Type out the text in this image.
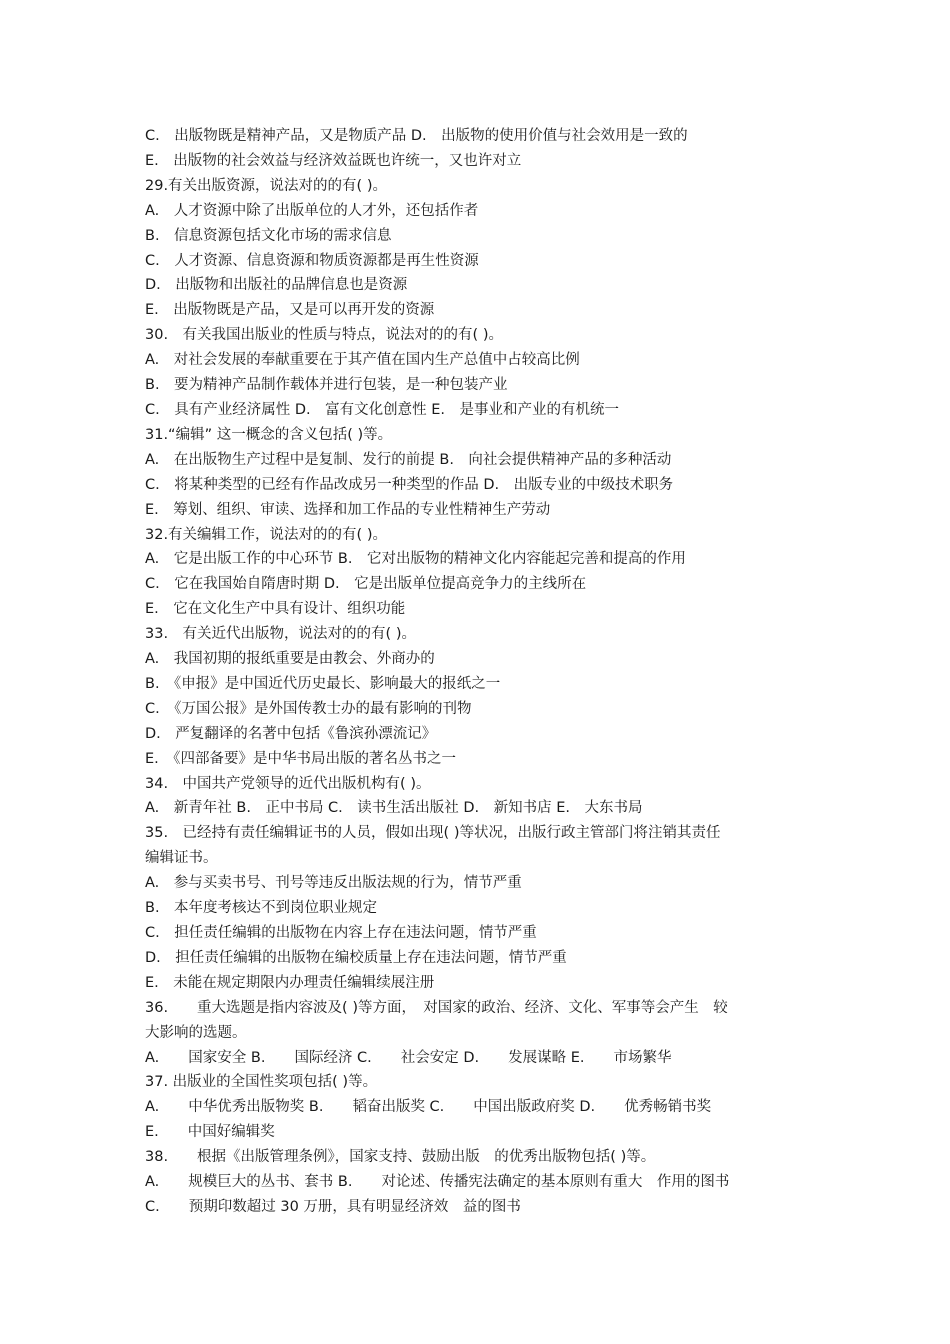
C.　出版物既是精神产品，又是物质产品 D.　出版物的使用价值与社会效用是一致的
E.　出版物的社会效益与经济效益既也许统一，又也许对立
29.有关出版资源，说法对的的有( )。
A.　人才资源中除了出版单位的人才外，还包括作者
B.　信息资源包括文化市场的需求信息
C.　人才资源、信息资源和物质资源都是再生性资源
D.　出版物和出版社的品牌信息也是资源
E.　出版物既是产品，又是可以再开发的资源
30.　有关我国出版业的性质与特点，说法对的的有( )。
A.　对社会发展的奉献重要在于其产值在国内生产总值中占较高比例
B.　要为精神产品制作载体并进行包装，是一种包装产业
C.　具有产业经济属性 D.　富有文化创意性 E.　是事业和产业的有机统一
31.“编辑” 这一概念的含义包括( )等。
A.　在出版物生产过程中是复制、发行的前提 B.　向社会提供精神产品的多种活动
C.　将某种类型的已经有作品改成另一种类型的作品 D.　出版专业的中级技术职务
E.　筹划、组织、审读、选择和加工作品的专业性精神生产劳动
32.有关编辑工作，说法对的的有( )。
A.　它是出版工作的中心环节 B.　它对出版物的精神文化内容能起完善和提高的作用
C.　它在我国始自隋唐时期 D.　它是出版单位提高竞争力的主线所在
E.　它在文化生产中具有设计、组织功能
33.　有关近代出版物，说法对的的有( )。
A.　我国初期的报纸重要是由教会、外商办的
B.　《申报》是中国近代历史最长、影响最大的报纸之一
C.　《万国公报》是外国传教士办的最有影响的刊物
D.　严复翻译的名著中包括《鲁滨孙漂流记》
E.　《四部备要》是中华书局出版的著名丛书之一
34.　中国共产党领导的近代出版机构有( )。
A.　新青年社 B.　正中书局 C.　读书生活出版社 D.　新知书店 E.　大东书局
35.　已经持有责任编辑证书的人员，假如出现( )等状况，出版行政主管部门将注销其责任
编辑证书。
A.　参与买卖书号、刊号等违反出版法规的行为，情节严重
B.　本年度考核达不到岗位职业规定
C.　担任责任编辑的出版物在内容上存在违法问题，情节严重
D.　担任责任编辑的出版物在编校质量上存在违法问题，情节严重
E.　未能在规定期限内办理责任编辑续展注册
36.　　重大选题是指内容波及( )等方面，　对国家的政治、经济、文化、军事等会产生　较
大影响的选题。
A.　　国家安全 B.　　国际经济 C.　　社会安定 D.　　发展谋略 E.　　市场繁华
37. 出版业的全国性奖项包括( )等。
A.　　中华优秀出版物奖 B.　　韬奋出版奖 C.　　中国出版政府奖 D.　　优秀畅销书奖
E.　　中国好编辑奖
38.　　根据《出版管理条例》，国家支持、鼓励出版　的优秀出版物包括( )等。
A.　　规模巨大的丛书、套书 B.　　对论述、传播宪法确定的基本原则有重大　作用的图书
C.　　预期印数超过 30 万册，具有明显经济效　益的图书
